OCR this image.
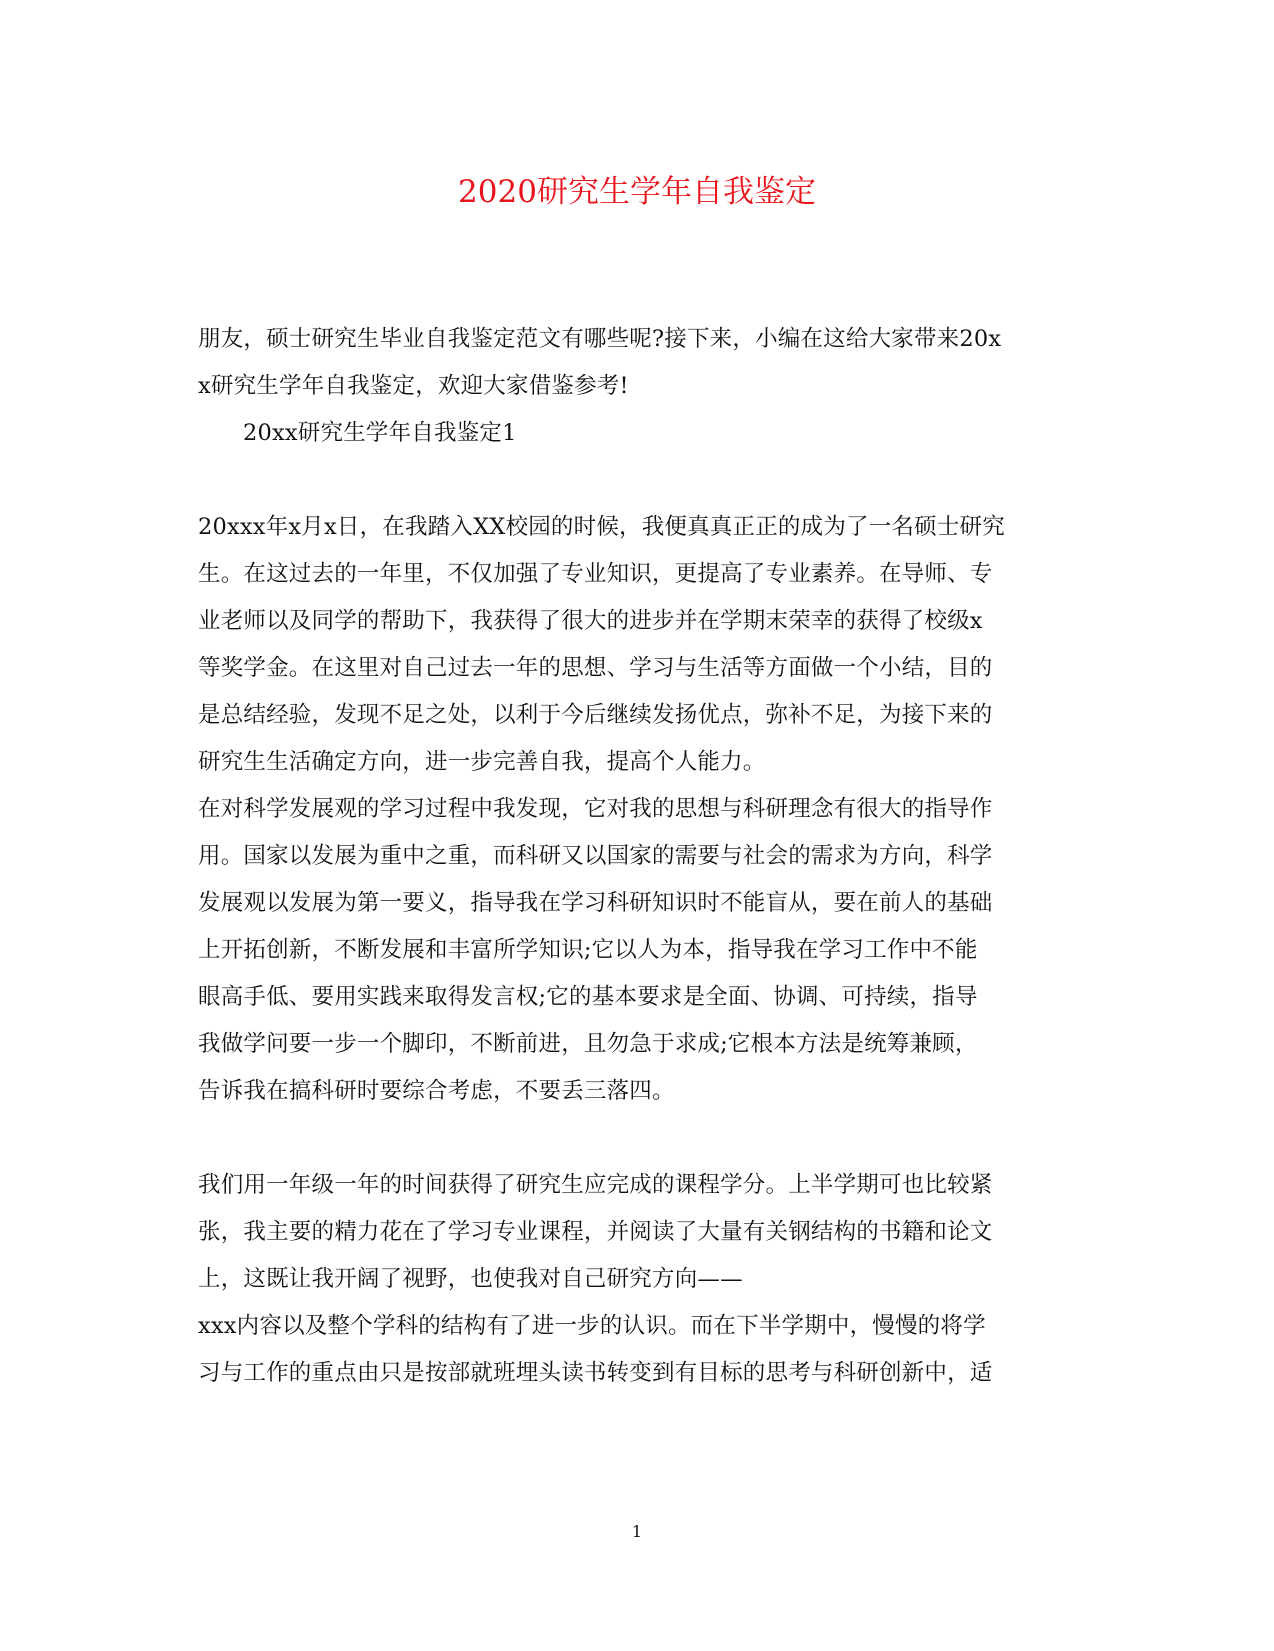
2020研究生学年自我鉴定
朋友，硕士研究生毕业自我鉴定范文有哪些呢?接下来，小编在这给大家带来20x
x研究生学年自我鉴定，欢迎大家借鉴参考!
20xx研究生学年自我鉴定1
20xxx年x月x日，在我踏入XX校园的时候，我便真真正正的成为了一名硕士研究
生。在这过去的一年里，不仅加强了专业知识，更提高了专业素养。在导师、专
业老师以及同学的帮助下，我获得了很大的进步并在学期末荣幸的获得了校级x
等奖学金。在这里对自己过去一年的思想、学习与生活等方面做一个小结，目的
是总结经验，发现不足之处，以利于今后继续发扬优点，弥补不足，为接下来的
研究生生活确定方向，进一步完善自我，提高个人能力。
在对科学发展观的学习过程中我发现，它对我的思想与科研理念有很大的指导作
用。国家以发展为重中之重，而科研又以国家的需要与社会的需求为方向，科学
发展观以发展为第一要义，指导我在学习科研知识时不能盲从，要在前人的基础
上开拓创新，不断发展和丰富所学知识;它以人为本，指导我在学习工作中不能
眼高手低、要用实践来取得发言权;它的基本要求是全面、协调、可持续，指导
我做学问要一步一个脚印，不断前进，且勿急于求成;它根本方法是统筹兼顾，
告诉我在搞科研时要综合考虑，不要丢三落四。
我们用一年级一年的时间获得了研究生应完成的课程学分。上半学期可也比较紧
张，我主要的精力花在了学习专业课程，并阅读了大量有关钢结构的书籍和论文
上，这既让我开阔了视野，也使我对自己研究方向——
xxx内容以及整个学科的结构有了进一步的认识。而在下半学期中，慢慢的将学
习与工作的重点由只是按部就班埋头读书转变到有目标的思考与科研创新中，适
1
